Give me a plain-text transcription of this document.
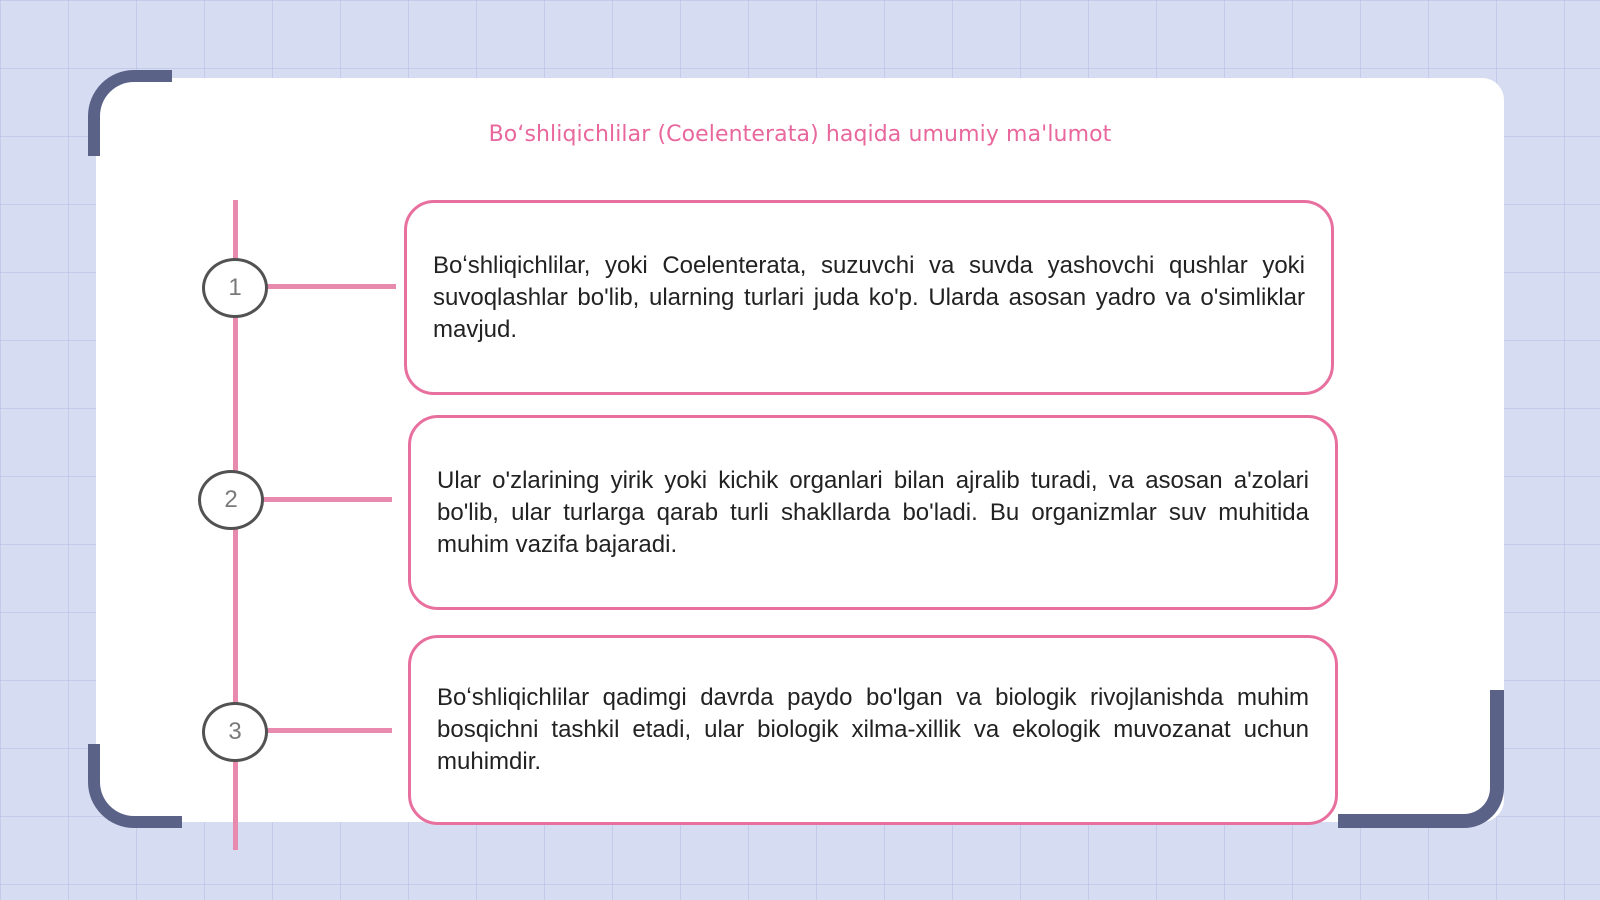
Boʻshliqichlilar (Coelenterata) haqida umumiy ma'lumot
1

Boʻshliqichlilar, yoki Coelenterata, suzuvchi va suvda yashovchi qushlar yoki suvoqlashlar bo'lib, ularning turlari juda ko'p. Ularda asosan yadro va o'simliklar mavjud.

2

Ular o'zlarining yirik yoki kichik organlari bilan ajralib turadi, va asosan a'zolari bo'lib, ular turlarga qarab turli shakllarda bo'ladi. Bu organizmlar suv muhitida muhim vazifa bajaradi.

3

Boʻshliqichlilar qadimgi davrda paydo bo'lgan va biologik rivojlanishda muhim bosqichni tashkil etadi, ular biologik xilma-xillik va ekologik muvozanat uchun muhimdir.
